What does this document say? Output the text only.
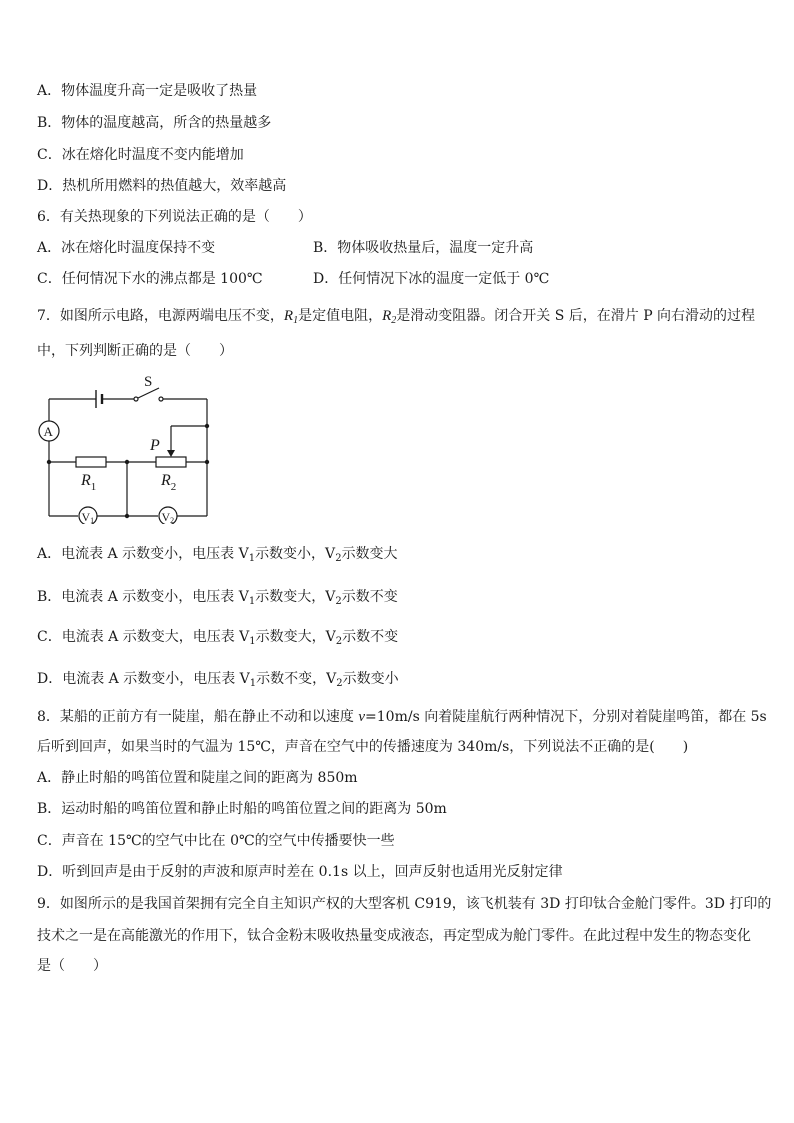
A．物体温度升高一定是吸收了热量
B．物体的温度越高，所含的热量越多
C．冰在熔化时温度不变内能增加
D．热机所用燃料的热值越大，效率越高
6．有关热现象的下列说法正确的是（　　）
A．冰在熔化时温度保持不变	B．物体吸收热量后，温度一定升高
C．任何情况下水的沸点都是 100℃	D．任何情况下冰的温度一定低于 0℃
7．如图所示电路，电源两端电压不变，$R_1$是定值电阻，$R_2$是滑动变阻器。闭合开关 S 后，在滑片 P 向右滑动的过程
中，下列判断正确的是（　　）
S
P
A
$R_1$	$R_2$
V1	V2
A．电流表 A 示数变小，电压表 $V_1$示数变小，$V_2$示数变大
B．电流表 A 示数变小，电压表 $V_1$示数变大，$V_2$示数不变
C．电流表 A 示数变大，电压表 $V_1$示数变大，$V_2$示数不变
D．电流表 A 示数变小，电压表 $V_1$示数不变，$V_2$示数变小
8．某船的正前方有一陡崖，船在静止不动和以速度 v=10m/s 向着陡崖航行两种情况下，分别对着陡崖鸣笛，都在 5s
后听到回声，如果当时的气温为 15℃，声音在空气中的传播速度为 340m/s，下列说法不正确的是(　　)
A．静止时船的鸣笛位置和陡崖之间的距离为 850m
B．运动时船的鸣笛位置和静止时船的鸣笛位置之间的距离为 50m
C．声音在 15℃的空气中比在 0℃的空气中传播要快一些
D．听到回声是由于反射的声波和原声时差在 0.1s 以上，回声反射也适用光反射定律
9．如图所示的是我国首架拥有完全自主知识产权的大型客机 C919，该飞机装有 3D 打印钛合金舱门零件。3D 打印的
技术之一是在高能激光的作用下，钛合金粉末吸收热量变成液态，再定型成为舱门零件。在此过程中发生的物态变化
是（　　）
